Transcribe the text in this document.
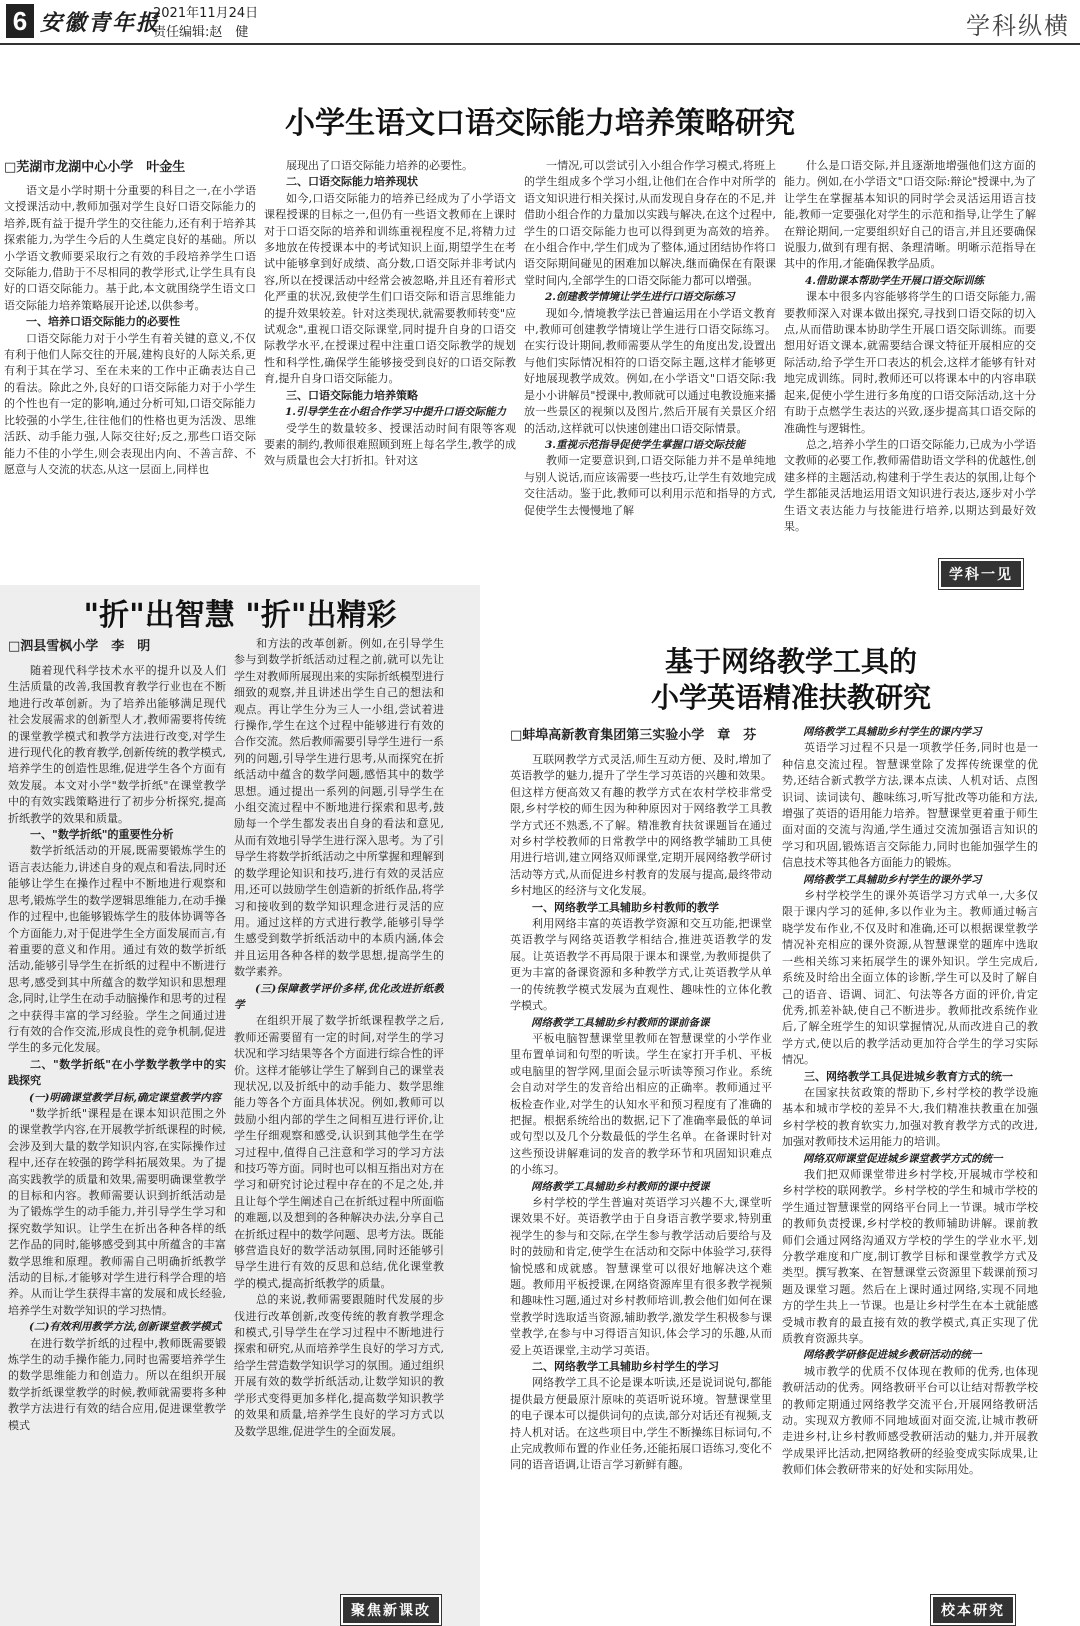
6 安徽青年报
2021年11月24日
责任编辑:赵　健	学科纵横
小学生语文口语交际能力培养策略研究
□芜湖市龙湖中心小学　叶金生

语文是小学时期十分重要的科目之一,在小学语文授课活动中,教师加强对学生良好口语交际能力的培养,既有益于提升学生的交往能力,还有利于培养其探索能力,为学生今后的人生奠定良好的基础。所以小学语文教师要采取行之有效的手段培养学生口语交际能力,借助于不尽相同的教学形式,让学生具有良好的口语交际能力。基于此,本文就围绕学生语文口语交际能力培养策略展开论述,以供参考。

一、培养口语交际能力的必要性

口语交际能力对于小学生有着关键的意义,不仅有利于他们人际交往的开展,建构良好的人际关系,更有利于其在学习、至在未来的工作中正确表达自己的看法。除此之外,良好的口语交际能力对于小学生的个性也有一定的影响,通过分析可知,口语交际能力比较强的小学生,往往他们的性格也更为活泼、思维活跃、动手能力强,人际交往好;反之,那些口语交际能力不佳的小学生,则会表现出内向、不善言辞、不愿意与人交流的状态,从这一层面上,同样也

展现出了口语交际能力培养的必要性。

二、口语交际能力培养现状

如今,口语交际能力的培养已经成为了小学语文课程授课的目标之一,但仍有一些语文教师在上课时对于口语交际的培养和训练重视程度不足,将精力过多地放在传授课本中的考试知识上面,期望学生在考试中能够拿到好成绩、高分数,口语交际并非考试内容,所以在授课活动中经常会被忽略,并且还有着形式化严重的状况,致使学生们口语交际和语言思维能力的提升效果较差。针对这类现状,就需要教师转变"应试观念",重视口语交际课堂,同时提升自身的口语交际教学水平,在授课过程中注重口语交际教学的规划性和科学性,确保学生能够接受到良好的口语交际教育,提升自身口语交际能力。

三、口语交际能力培养策略
1.引导学生在小组合作学习中提升口语交际能力

受学生的数量较多、授课活动时间有限等客观要素的制约,教师很难照顾到班上每名学生,教学的成效与质量也会大打折扣。针对这

一情况,可以尝试引入小组合作学习模式,将班上的学生组成多个学习小组,让他们在合作中对所学的语文知识进行相关探讨,从而发现自身存在的不足,并借助小组合作的力量加以实践与解决,在这个过程中,学生的口语交际能力也可以得到更为高效的培养。在小组合作中,学生们成为了整体,通过团结协作将口语交际期间碰见的困难加以解决,继而确保在有限课堂时间内,全部学生的口语交际能力都可以增强。

2.创建教学情境让学生进行口语交际练习

现如今,情境教学法已普遍运用在小学语文教育中,教师可创建教学情境让学生进行口语交际练习。在实行设计期间,教师需要从学生的角度出发,设置出与他们实际情况相符的口语交际主题,这样才能够更好地展现教学成效。例如,在小学语文"口语交际:我是小小讲解员"授课中,教师就可以通过电教设施来播放一些景区的视频以及图片,然后开展有关景区介绍的活动,这样就可以快速创建出口语交际情景。

3.重视示范指导促使学生掌握口语交际技能

教师一定要意识到,口语交际能力并不是单纯地与别人说话,而应该需要一些技巧,让学生有效地完成交往活动。鉴于此,教师可以利用示范和指导的方式,促使学生去慢慢地了解

什么是口语交际,并且逐渐地增强他们这方面的能力。例如,在小学语文"口语交际:辩论"授课中,为了让学生在掌握基本知识的同时学会灵活运用语言技能,教师一定要强化对学生的示范和指导,让学生了解在辩论期间,一定要组织好自己的语言,并且还要确保说服力,做到有理有据、条理清晰。明晰示范指导在其中的作用,才能确保教学品质。

4.借助课本帮助学生开展口语交际训练

课本中很多内容能够将学生的口语交际能力,需要教师深入对课本做出探究,寻找到口语交际的切入点,从而借助课本协助学生开展口语交际训练。而要想用好语文课本,就需要结合课文特征开展相应的交际活动,给予学生开口表达的机会,这样才能够有针对地完成训练。同时,教师还可以将课本中的内容串联起来,促使小学生进行多角度的口语交际活动,这十分有助于点燃学生表达的兴致,逐步提高其口语交际的准确性与逻辑性。

总之,培养小学生的口语交际能力,已成为小学语文教师的必要工作,教师需借助语文学科的优越性,创建多样的主题活动,构建利于学生表达的氛围,让每个学生都能灵活地运用语文知识进行表达,逐步对小学生语文表达能力与技能进行培养,以期达到最好效果。

学科一见
"折"出智慧 "折"出精彩
□泗县雪枫小学　李　明

随着现代科学技术水平的提升以及人们生活质量的改善,我国教育教学行业也在不断地进行改革创新。为了培养出能够满足现代社会发展需求的创新型人才,教师需要将传统的课堂教学模式和教学方法进行改变,对学生进行现代化的教育教学,创新传统的教学模式,培养学生的创造性思维,促进学生各个方面有效发展。本文对小学"数学折纸"在课堂教学中的有效实践策略进行了初步分析探究,提高折纸教学的效果和质量。

一、"数学折纸"的重要性分析

数学折纸活动的开展,既需要锻炼学生的语言表达能力,讲述自身的观点和看法,同时还能够让学生在操作过程中不断地进行观察和思考,锻炼学生的数学逻辑思维能力,在动手操作的过程中,也能够锻炼学生的肢体协调等各个方面能力,对于促进学生全方面发展而言,有着重要的意义和作用。通过有效的数学折纸活动,能够引导学生在折纸的过程中不断进行思考,感受到其中所蕴含的数学知识和思想理念,同时,让学生在动手动脑操作和思考的过程之中获得丰富的学习经验。学生之间通过进行有效的合作交流,形成良性的竞争机制,促进学生的多元化发展。

二、"数学折纸"在小学数学教学中的实践探究
(一)明确课堂教学目标,确定课堂教学内容

"数学折纸"课程是在课本知识范围之外的课堂教学内容,在开展教学折纸课程的时候,会涉及到大量的数学知识内容,在实际操作过程中,还存在较强的跨学科拓展效果。为了提高实践教学的质量和效果,需要明确课堂教学的目标和内容。教师需要认识到折纸活动是为了锻炼学生的动手能力,并引导学生学习和探究数学知识。让学生在折出各种各样的纸艺作品的同时,能够感受到其中所蕴含的丰富数学思维和原理。教师需自己明确折纸教学活动的目标,才能够对学生进行科学合理的培养。从而让学生获得丰富的发展和成长经验,培养学生对数学知识的学习热情。

(二)有效利用教学方法,创新课堂教学模式

在进行数学折纸的过程中,教师既需要锻炼学生的动手操作能力,同时也需要培养学生的数学思维能力和创造力。所以在组织开展数学折纸课堂教学的时候,教师就需要将多种教学方法进行有效的结合应用,促进课堂教学模式

和方法的改革创新。例如,在引导学生参与到数学折纸活动过程之前,就可以先让学生对教师所展现出来的实际折纸模型进行细致的观察,并且讲述出学生自己的想法和观点。再让学生分为三人一小组,尝试着进行操作,学生在这个过程中能够进行有效的合作交流。然后教师需要引导学生进行一系列的问题,引导学生进行思考,从而探究在折纸活动中蕴含的数学问题,感悟其中的数学思想。通过提出一系列的问题,引导学生在小组交流过程中不断地进行探索和思考,鼓励每一个学生都发表出自身的看法和意见,从而有效地引导学生进行深入思考。为了引导学生将数学折纸活动之中所掌握和理解到的数学理论知识和技巧,进行有效的灵活应用,还可以鼓励学生创造新的折纸作品,将学习和接收到的数学知识理念进行灵活的应用。通过这样的方式进行教学,能够引导学生感受到数学折纸活动中的本质内涵,体会并且运用各种各样的数学思想,提高学生的数学素养。

(三)保障教学评价多样,优化改进折纸教学

在组织开展了数学折纸课程教学之后,教师还需要留有一定的时间,对学生的学习状况和学习结果等各个方面进行综合性的评价。这样才能够让学生了解到自己的课堂表现状况,以及折纸中的动手能力、数学思维能力等各个方面具体状况。例如,教师可以鼓励小组内部的学生之间相互进行评价,让学生仔细观察和感受,认识到其他学生在学习过程中,值得自己注意和学习的学习方法和技巧等方面。同时也可以相互指出对方在学习和研究讨论过程中存在的不足之处,并且让每个学生阐述自己在折纸过程中所面临的难题,以及想到的各种解决办法,分享自己在折纸过程中的数学问题、思考方法。既能够营造良好的数学活动氛围,同时还能够引导学生进行有效的反思和总结,优化课堂教学的模式,提高折纸教学的质量。

总的来说,教师需要跟随时代发展的步伐进行改革创新,改变传统的教育教学理念和模式,引导学生在学习过程中不断地进行探索和研究,从而培养学生良好的学习方式,给学生营造数学知识学习的氛围。通过组织开展有效的数学折纸活动,让数学知识的教学形式变得更加多样化,提高数学知识教学的效果和质量,培养学生良好的学习方式以及数学思维,促进学生的全面发展。

聚焦新课改
基于网络教学工具的
小学英语精准扶教研究
□蚌埠高新教育集团第三实验小学　章　芬

互联网教学方式灵活,师生互动方便、及时,增加了英语教学的魅力,提升了学生学习英语的兴趣和效果。但这样方便高效又有趣的教学方式在农村学校非常受限,乡村学校的师生因为种种原因对于网络教学工具教学方式还不熟悉,不了解。精准教育扶贫课题旨在通过对乡村学校教师的日常教学中的网络教学辅助工具使用进行培训,建立网络双师课堂,定期开展网络教学研讨活动等方式,从而促进乡村教育的发展与提高,最终带动乡村地区的经济与文化发展。

一、网络教学工具辅助乡村教师的教学

利用网络丰富的英语教学资源和交互功能,把课堂英语教学与网络英语教学相结合,推进英语教学的发展。让英语教学不再局限于课本和课堂,为教师提供了更为丰富的备课资源和多种教学方式,让英语教学从单一的传统教学模式发展为直观性、趣味性的立体化教学模式。

网络教学工具辅助乡村教师的课前备课

平板电脑智慧课堂里教师在智慧课堂的小学作业里布置单词和句型的听读。学生在家打开手机、平板或电脑里的智学网,里面会显示听读等预习作业。系统会自动对学生的发音给出相应的正确率。教师通过平板检查作业,对学生的认知水平和预习程度有了准确的把握。根据系统给出的数据,记下了准确率最低的单词或句型以及几个分数最低的学生名单。在备课时针对这些预设讲解难词的发音的教学环节和巩固知识难点的小练习。

网络教学工具辅助乡村教师的课中授课

乡村学校的学生普遍对英语学习兴趣不大,课堂听课效果不好。英语教学由于自身语言教学要求,特别重视学生的参与和交际,在学生参与教学活动后要给与及时的鼓励和肯定,使学生在活动和交际中体验学习,获得愉悦感和成就感。智慧课堂可以很好地解决这个难题。教师用平板授课,在网络资源库里有很多教学视频和趣味性习题,通过对乡村教师培训,教会他们如何在课堂教学时选取适当资源,辅助教学,激发学生积极参与课堂教学,在参与中习得语言知识,体会学习的乐趣,从而爱上英语课堂,主动学习英语。

二、网络教学工具辅助乡村学生的学习

网络教学工具不论是课本听读,还是说词说句,都能提供最方便最原汁原味的英语听说环境。智慧课堂里的电子课本可以提供词句的点读,部分对话还有视频,支持人机对话。在这些项目中,学生不断操练目标词句,不止完成教师布置的作业任务,还能拓展口语练习,变化不同的语音语调,让语言学习新鲜有趣。

网络教学工具辅助乡村学生的课内学习

英语学习过程不只是一项教学任务,同时也是一种信息交流过程。智慧课堂除了发挥传统课堂的优势,还结合新式教学方法,课本点读、人机对话、点图识词、读词读句、趣味练习,听写批改等功能和方法,增强了英语的语用能力培养。智慧课堂更着重于师生面对面的交流与沟通,学生通过交流加强语言知识的学习和巩固,锻炼语言交际能力,同时也能加强学生的信息技术等其他各方面能力的锻炼。

网络教学工具辅助乡村学生的课外学习

乡村学校学生的课外英语学习方式单一,大多仅限于课内学习的延伸,多以作业为主。教师通过畅言晓学发布作业,不仅及时和准确,还可以根据课堂教学情况补充相应的课外资源,从智慧课堂的题库中选取一些相关练习来拓展学生的课外知识。学生完成后,系统及时给出全面立体的诊断,学生可以及时了解自己的语音、语调、词汇、句法等各方面的评价,肯定优秀,抓差补缺,使自己不断进步。教师批改系统作业后,了解全班学生的知识掌握情况,从而改进自己的教学方式,使以后的教学活动更加符合学生的学习实际情况。

三、网络教学工具促进城乡教育方式的统一

在国家扶贫政策的帮助下,乡村学校的教学设施基本和城市学校的差异不大,我们精准扶教重在加强乡村学校的教育软实力,加强对教育教学方式的改进,加强对教师技术运用能力的培训。

网络双师课堂促进城乡课堂教学方式的统一

我们把双师课堂带进乡村学校,开展城市学校和乡村学校的联网教学。乡村学校的学生和城市学校的学生通过智慧课堂的网络平台同上一节课。城市学校的教师负责授课,乡村学校的教师辅助讲解。课前教师们会通过网络沟通双方学校的学生的学业水平,划分教学难度和广度,制订教学目标和课堂教学方式及类型。撰写教案、在智慧课堂云资源里下载课前预习题及课堂习题。然后在上课时通过网络,实现不同地方的学生共上一节课。也是让乡村学生在本土就能感受城市教育的最直接有效的教学模式,真正实现了优质教育资源共享。

网络教学研修促进城乡教研活动的统一

城市教学的优质不仅体现在教师的优秀,也体现教研活动的优秀。网络教研平台可以让结对帮教学校的教师定期通过网络教学交流平台,开展网络教研活动。实现双方教师不同地域面对面交流,让城市教研走进乡村,让乡村教师感受教研活动的魅力,并开展教学成果评比活动,把网络教研的经验变成实际成果,让教师们体会教研带来的好处和实际用处。

校本研究
